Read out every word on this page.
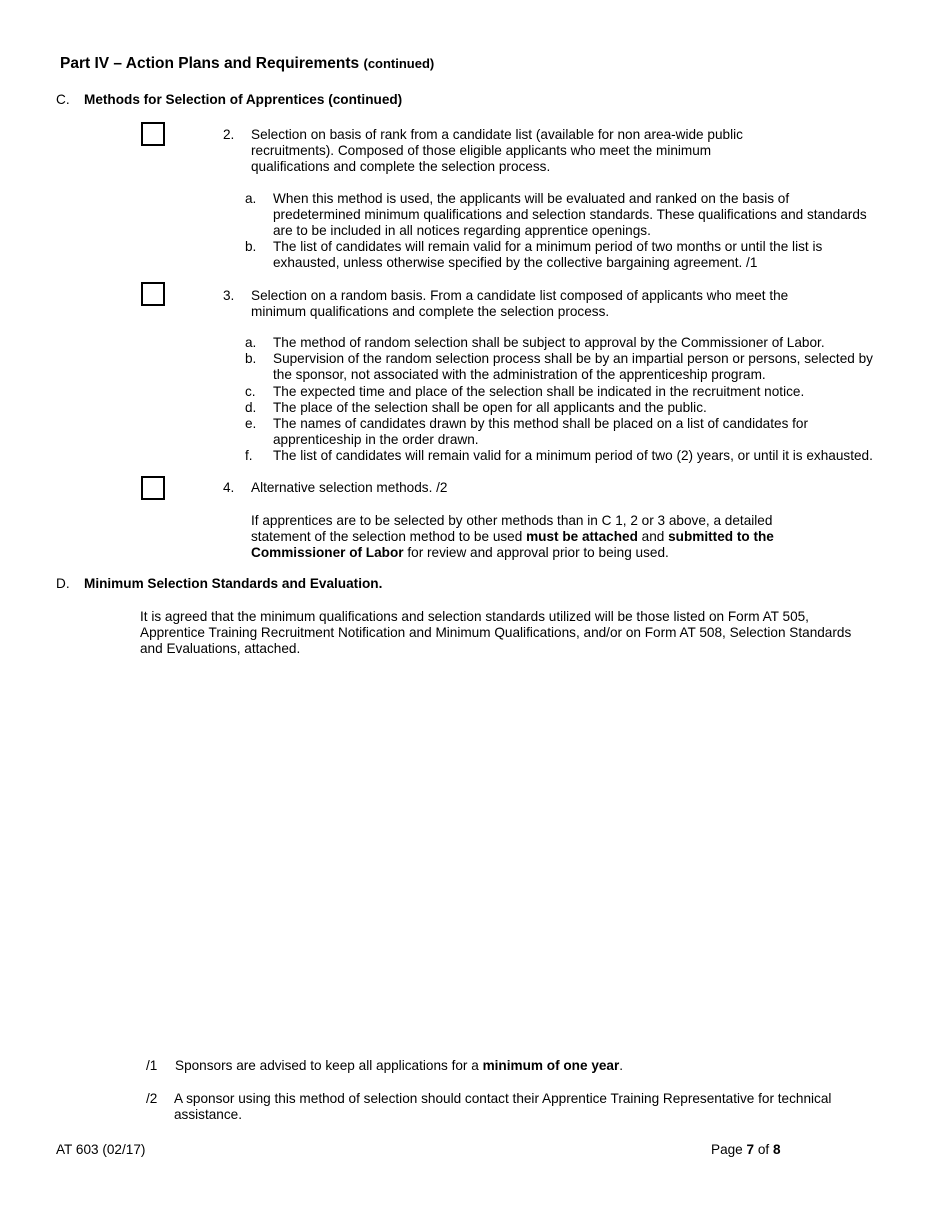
Part IV – Action Plans and Requirements (continued)
C. Methods for Selection of Apprentices (continued)
2. Selection on basis of rank from a candidate list (available for non area-wide public
recruitments). Composed of those eligible applicants who meet the minimum
qualifications and complete the selection process.
a. When this method is used, the applicants will be evaluated and ranked on the basis of
predetermined minimum qualifications and selection standards. These qualifications and standards
are to be included in all notices regarding apprentice openings.
b. The list of candidates will remain valid for a minimum period of two months or until the list is
exhausted, unless otherwise specified by the collective bargaining agreement. /1
3. Selection on a random basis. From a candidate list composed of applicants who meet the
minimum qualifications and complete the selection process.
a. The method of random selection shall be subject to approval by the Commissioner of Labor.
b. Supervision of the random selection process shall be by an impartial person or persons, selected by
the sponsor, not associated with the administration of the apprenticeship program.
c. The expected time and place of the selection shall be indicated in the recruitment notice.
d. The place of the selection shall be open for all applicants and the public.
e. The names of candidates drawn by this method shall be placed on a list of candidates for
apprenticeship in the order drawn.
f. The list of candidates will remain valid for a minimum period of two (2) years, or until it is exhausted.
4. Alternative selection methods. /2
If apprentices are to be selected by other methods than in C 1, 2 or 3 above, a detailed
statement of the selection method to be used must be attached and submitted to the
Commissioner of Labor for review and approval prior to being used.
D. Minimum Selection Standards and Evaluation.
It is agreed that the minimum qualifications and selection standards utilized will be those listed on Form AT 505,
Apprentice Training Recruitment Notification and Minimum Qualifications, and/or on Form AT 508, Selection Standards
and Evaluations, attached.
/1 Sponsors are advised to keep all applications for a minimum of one year.
/2 A sponsor using this method of selection should contact their Apprentice Training Representative for technical
assistance.
AT 603 (02/17)	Page 7 of 8
